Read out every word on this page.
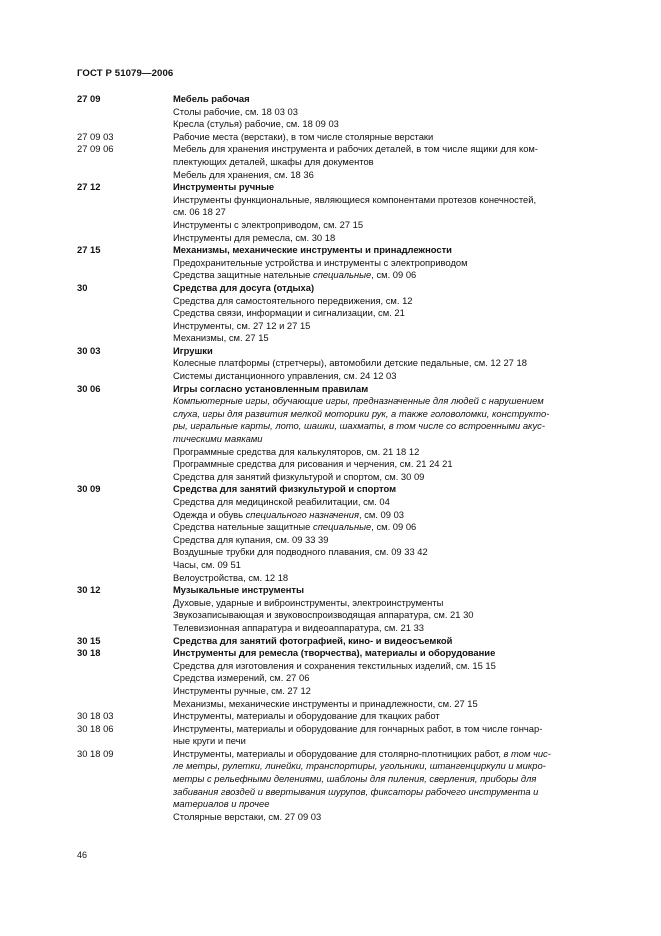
ГОСТ Р 51079—2006
27 09	Мебель рабочая
Столы рабочие, см. 18 03 03
Кресла (стулья) рабочие, см. 18 09 03
27 09 03	Рабочие места (верстаки), в том числе столярные верстаки
27 09 06	Мебель для хранения инструмента и рабочих деталей, в том числе ящики для ком-
плектующих деталей, шкафы для документов
Мебель для хранения, см. 18 36
27 12	Инструменты ручные
Инструменты функциональные, являющиеся компонентами протезов конечностей,
см. 06 18 27
Инструменты с электроприводом, см. 27 15
Инструменты для ремесла, см. 30 18
27 15	Механизмы, механические инструменты и принадлежности
Предохранительные устройства и инструменты с электроприводом
Средства защитные нательные специальные, см. 09 06
30	Средства для досуга (отдыха)
Средства для самостоятельного передвижения, см. 12
Средства связи, информации и сигнализации, см. 21
Инструменты, см. 27 12 и 27 15
Механизмы, см. 27 15
30 03	Игрушки
Колесные платформы (стретчеры), автомобили детские педальные, см. 12 27 18
Системы дистанционного управления, см. 24 12 03
30 06	Игры согласно установленным правилам
Компьютерные игры, обучающие игры, предназначенные для людей с нарушением
слуха, игры для развития мелкой моторики рук, а также головоломки, конструкто-
ры, игральные карты, лото, шашки, шахматы, в том числе со встроенными акус-
тическими маяками
Программные средства для калькуляторов, см. 21 18 12
Программные средства для рисования и черчения, см. 21 24 21
Средства для занятий физкультурой и спортом, см. 30 09
30 09	Средства для занятий физкультурой и спортом
Средства для медицинской реабилитации, см. 04
Одежда и обувь специального назначения, см. 09 03
Средства нательные защитные специальные, см. 09 06
Средства для купания, см. 09 33 39
Воздушные трубки для подводного плавания, см. 09 33 42
Часы, см. 09 51
Велоустройства, см. 12 18
30 12	Музыкальные инструменты
Духовые, ударные и виброинструменты, электроинструменты
Звукозаписывающая и звуковоспроизводящая аппаратура, см. 21 30
Телевизионная аппаратура и видеоаппаратура, см. 21 33
30 15	Средства для занятий фотографией, кино- и видеосъемкой
30 18	Инструменты для ремесла (творчества), материалы и оборудование
Средства для изготовления и сохранения текстильных изделий, см. 15 15
Средства измерений, см. 27 06
Инструменты ручные, см. 27 12
Механизмы, механические инструменты и принадлежности, см. 27 15
30 18 03	Инструменты, материалы и оборудование для ткацких работ
30 18 06	Инструменты, материалы и оборудование для гончарных работ, в том числе гончар-
ные круги и печи
30 18 09	Инструменты, материалы и оборудование для столярно-плотницких работ, в том чис-
ле метры, рулетки, линейки, транспортиры, угольники, штангенциркули и микро-
метры с рельефными делениями, шаблоны для пиления, сверления, приборы для
забивания гвоздей и ввертывания шурупов, фиксаторы рабочего инструмента и
материалов и прочее
Столярные верстаки, см. 27 09 03
46
